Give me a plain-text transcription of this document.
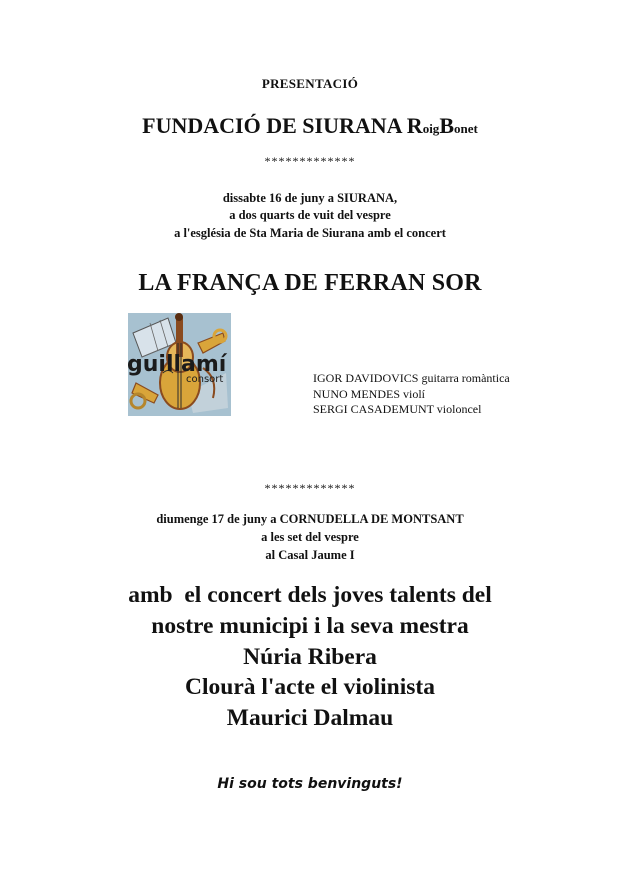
PRESENTACIÓ
FUNDACIÓ DE SIURANA RoigBonet
*************
dissabte 16 de juny a SIURANA,
a dos quarts de vuit del vespre
a l'església de Sta Maria de Siurana amb el concert
LA FRANÇA DE FERRAN SOR
guillamí
consort	IGOR DAVIDOVICS guitarra romàntica
NUNO MENDES violí
SERGI CASADEMUNT violoncel
*************
diumenge 17 de juny a CORNUDELLA DE MONTSANT
a les set del vespre
al Casal Jaume I
amb  el concert dels joves talents del
nostre municipi i la seva mestra
Núria Ribera
Clourà l'acte el violinista
Maurici Dalmau
Hi sou tots benvinguts!
